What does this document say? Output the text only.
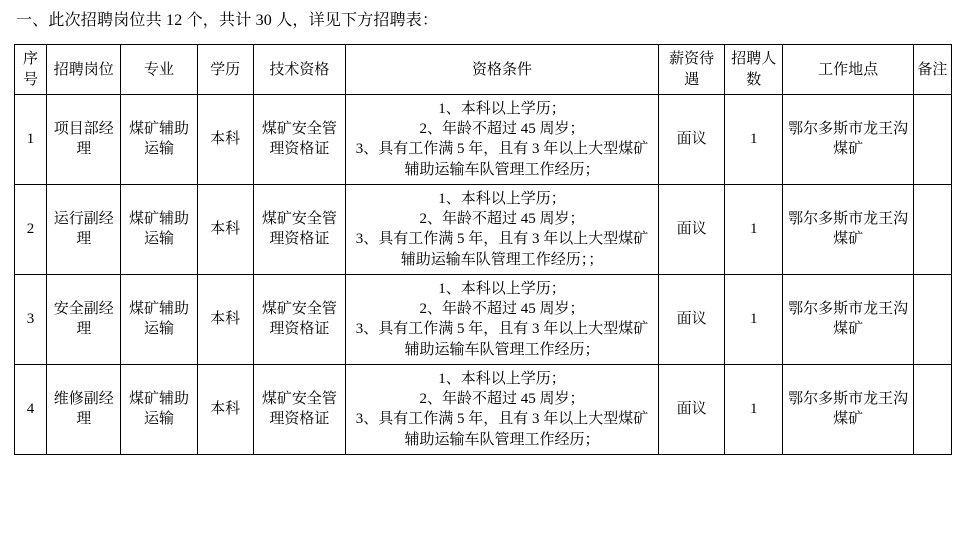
一、此次招聘岗位共 12 个，共计 30 人，详见下方招聘表：
序号	招聘岗位	专业	学历	技术资格	资格条件	薪资待遇	招聘人数	工作地点	备注
1	项目部经理	煤矿辅助运输	本科	煤矿安全管理资格证	1、本科以上学历；
2、年龄不超过 45 周岁；
3、具有工作满 5 年，且有 3 年以上大型煤矿辅助运输车队管理工作经历；	面议	1	鄂尔多斯市龙王沟煤矿	
2	运行副经理	煤矿辅助运输	本科	煤矿安全管理资格证	1、本科以上学历；
2、年龄不超过 45 周岁；
3、具有工作满 5 年，且有 3 年以上大型煤矿辅助运输车队管理工作经历；；	面议	1	鄂尔多斯市龙王沟煤矿	
3	安全副经理	煤矿辅助运输	本科	煤矿安全管理资格证	1、本科以上学历；
2、年龄不超过 45 周岁；
3、具有工作满 5 年，且有 3 年以上大型煤矿辅助运输车队管理工作经历；	面议	1	鄂尔多斯市龙王沟煤矿	
4	维修副经理	煤矿辅助运输	本科	煤矿安全管理资格证	1、本科以上学历；
2、年龄不超过 45 周岁；
3、具有工作满 5 年，且有 3 年以上大型煤矿辅助运输车队管理工作经历；	面议	1	鄂尔多斯市龙王沟煤矿	
